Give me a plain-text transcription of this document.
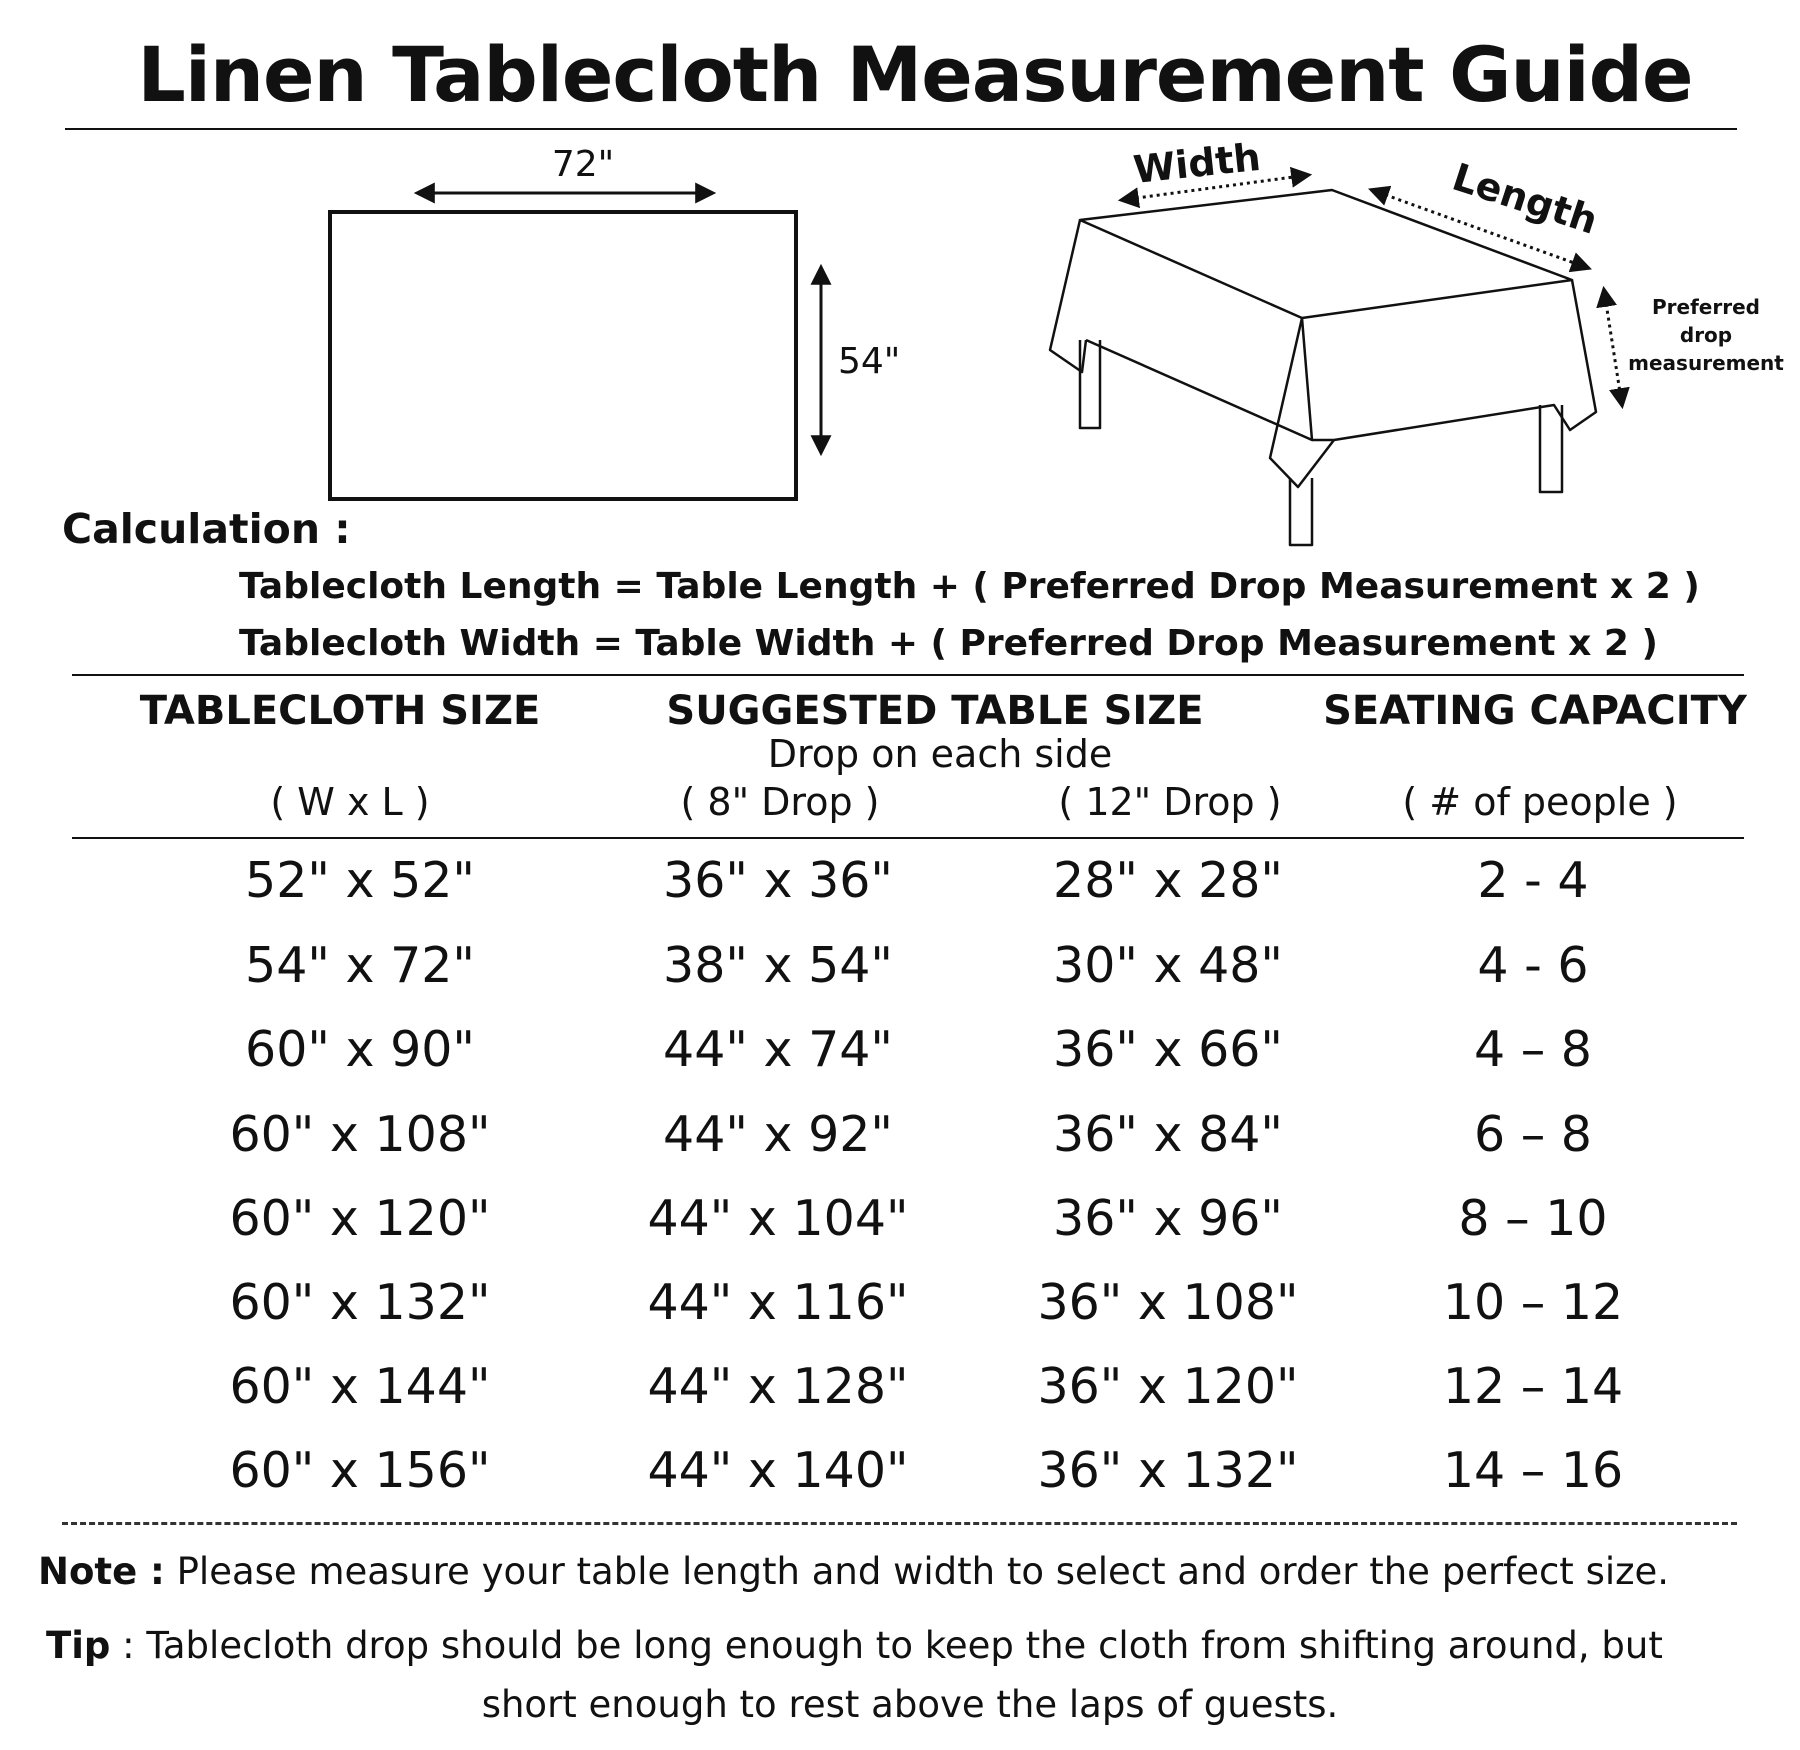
Linen Tablecloth Measurement Guide
72"
54"
Width	Length
Preferred
drop
measurement
Calculation :
Tablecloth Length = Table Length + ( Preferred Drop Measurement x 2 )
Tablecloth Width = Table Width + ( Preferred Drop Measurement x 2 )
TABLECLOTH SIZE	SUGGESTED TABLE SIZE	SEATING CAPACITY
Drop on each side
( W x L )	( 8" Drop )	( 12" Drop )	( # of people )
52" x 52"	36" x 36"	28" x 28"	2 - 4
54" x 72"	38" x 54"	30" x 48"	4 - 6
60" x 90"	44" x 74"	36" x 66"	4 – 8
60" x 108"	44" x 92"	36" x 84"	6 – 8
60" x 120"	44" x 104"	36" x 96"	8 – 10
60" x 132"	44" x 116"	36" x 108"	10 – 12
60" x 144"	44" x 128"	36" x 120"	12 – 14
60" x 156"	44" x 140"	36" x 132"	14 – 16
Note : Please measure your table length and width to select and order the perfect size.
Tip : Tablecloth drop should be long enough to keep the cloth from shifting around, but
short enough to rest above the laps of guests.
